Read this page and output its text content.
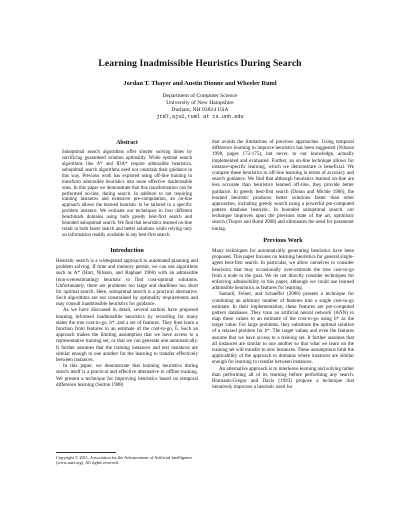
Learning Inadmissible Heuristics During Search
Jordan T. Thayer and Austin Dionne and Wheeler Ruml
Department of Computer Science
University of New Hampshire
Durham, NH 03824 USA
jtd7,ajv2,ruml at cs.unh.edu
Abstract

Suboptimal search algorithms offer shorter solving times by sacrificing guaranteed solution optimality. While optimal search algorithms like A* and IDA* require admissible heuristics, suboptimal search algorithms need not constrain their guidance in this way. Previous work has explored using off-line training to transform admissible heuristics into more effective inadmissible ones. In this paper we demonstrate that this transformation can be performed on-line, during search. In addition to not requiring training instances and extensive pre-computation, an on-line approach allows the learned heuristic to be tailored to a specific problem instance. We evaluate our techniques in four different benchmark domains using both greedy best-first search and bounded suboptimal search. We find that heuristics learned on-line result in both faster search and better solutions while relying only on information readily available in any best-first search.

Introduction

Heuristic search is a widespread approach to automated planning and problem solving. If time and memory permit, we can use algorithms such as A* (Hart, Nilsson, and Raphael 1968) with an admissible (non-overestimating) heuristic to find cost-optimal solutions. Unfortunately, there are problems too large and deadlines too short for optimal search. Here, suboptimal search is a practical alternative. Such algorithms are not constrained by optimality requirements and may consult inadmissible heuristics for guidance.

As we have discussed in detail, several authors have proposed learning informed inadmissible heuristics by recording for many states the true cost-to-go, h*, and a set of features. They then learn a function from features to an estimate of the cost-to-go, ĥ. Such an approach makes the limiting assumption that we have access to a representative training set, or that we can generate one automatically. It further assumes that the training instances and test instances are similar enough to one another for the learning to transfer effectively between instances.

In this paper, we demonstrate that learning heuristics during search itself is a practical and effective alternative to offline training. We present a technique for improving heuristics based on temporal difference learning (Sutton 1988)

that avoids the limitations of previous approaches. Using temporal difference learning to improve heuristics has been suggested (Nilsson 1998, pages 172-175), but never, to our knowledge, actually implemented and evaluated. Further, an on-line technique allows for instance-specific learning, which we demonstrate is beneficial. We compare these heuristics to off-line learning in terms of accuracy and search guidance. We find that although heuristics learned on-line are less accurate than heuristics learned off-line, they provide better guidance. In greedy best-first search (Doran and Michie 1966), the learned heuristic produces better solutions faster than other approaches, including greedy search using a powerful pre-computed pattern database heuristic. In bounded suboptimal search, our technique improves upon the previous state of the art, optimistic search (Thayer and Ruml 2008) and eliminates the need for parameter tuning.

Previous Work

Many techniques for automatically generating heuristics have been proposed. This paper focuses on learning heuristics for general single-agent best-first search. In particular, we allow ourselves to consider heuristics that may occasionally over-estimate the true cost-to-go from a node to the goal. We do not directly consider techniques for enforcing admissibility in this paper, although we could use learned admissible heuristics as features for learning.

Samadi, Felner, and Schaeffer (2008) present a technique for combining an arbitrary number of features into a single cost-to-go estimate. In their implementation, these features are pre-computed pattern databases. They train an artificial neural network (ANN) to map these values to an estimate of the cost-to-go using h* as the target value. For large problems, they substitute the optimal solution of a relaxed problem for h*. The target values and even the features assume that we have access to a training set. It further assumes that all instances are similar to one another so that what we learn on the training set will transfer to new instances. These assumptions limit the applicability of the approach to domains where instances are similar enough for learning to transfer between instances.

An alternative approach is to interleave learning and solving rather than performing all of its learning before performing any search. Bramanti-Gregor and Davis (1993) propose a technique that iteratively improves a heuristic used for

Copyright © 2011, Association for the Advancement of Artificial Intelligence (www.aaai.org). All rights reserved.
